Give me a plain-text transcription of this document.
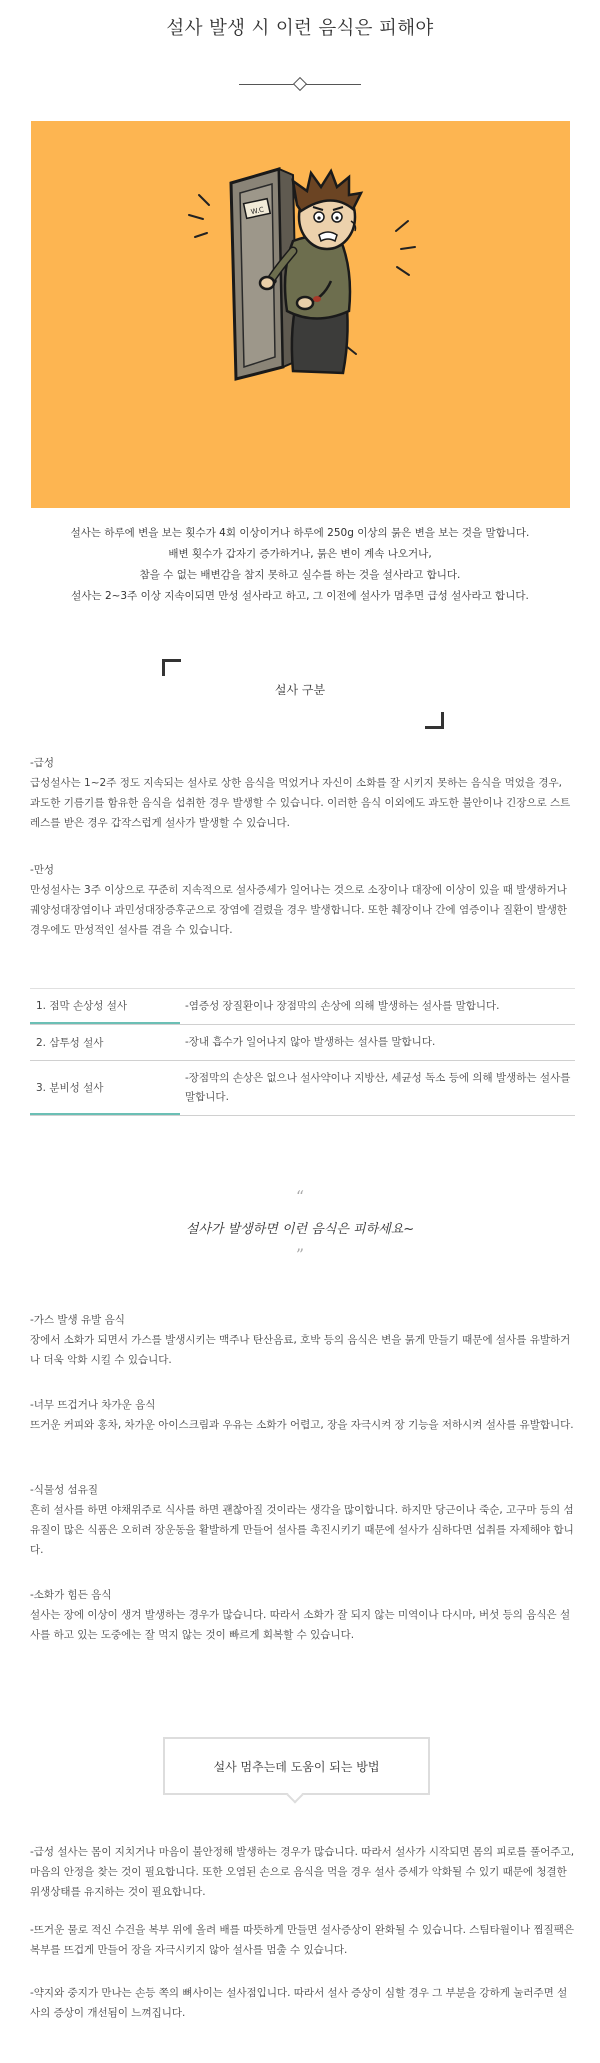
설사 발생 시 이런 음식은 피해야
W.C

설사는 하루에 변을 보는 횟수가 4회 이상이거나 하루에 250g 이상의 묽은 변을 보는 것을 말합니다.

배변 횟수가 갑자기 증가하거나, 묽은 변이 계속 나오거나,

참을 수 없는 배변감을 참지 못하고 실수를 하는 것을 설사라고 합니다.

설사는 2~3주 이상 지속이되면 만성 설사라고 하고, 그 이전에 설사가 멈추면 급성 설사라고 합니다.

설사 구분

-급성

급성설사는 1~2주 정도 지속되는 설사로 상한 음식을 먹었거나 자신이 소화를 잘 시키지 못하는 음식을 먹었을 경우, 과도한 기름기를 함유한 음식을 섭취한 경우 발생할 수 있습니다. 이러한 음식 이외에도 과도한 불안이나 긴장으로 스트레스를 받은 경우 갑작스럽게 설사가 발생할 수 있습니다.

-만성

만성설사는 3주 이상으로 꾸준히 지속적으로 설사증세가 일어나는 것으로 소장이나 대장에 이상이 있을 때 발생하거나 궤양성대장염이나 과민성대장증후군으로 장염에 걸렸을 경우 발생합니다. 또한 췌장이나 간에 염증이나 질환이 발생한 경우에도 만성적인 설사를 겪을 수 있습니다.

1. 점막 손상성 설사	-염증성 장질환이나 장점막의 손상에 의해 발생하는 설사를 말합니다.
2. 삼투성 설사	-장내 흡수가 일어나지 않아 발생하는 설사를 말합니다.
3. 분비성 설사
-장점막의 손상은 없으나 설사약이나 지방산, 세균성 독소 등에 의해 발생하는 설사를 말합니다.
“
설사가 발생하면 이런 음식은 피하세요~
”

-가스 발생 유발 음식

장에서 소화가 되면서 가스를 발생시키는 맥주나 탄산음료, 호박 등의 음식은 변을 묽게 만들기 때문에 설사를 유발하거나 더욱 악화 시킬 수 있습니다.

-너무 뜨겁거나 차가운 음식

뜨거운 커피와 홍차, 차가운 아이스크림과 우유는 소화가 어렵고, 장을 자극시켜 장 기능을 저하시켜 설사를 유발합니다.

-식물성 섬유질

흔히 설사를 하면 야채위주로 식사를 하면 괜찮아질 것이라는 생각을 많이합니다. 하지만 당근이나 죽순, 고구마 등의 섬유질이 많은 식품은 오히려 장운동을 활발하게 만들어 설사를 촉진시키기 때문에 설사가 심하다면 섭취를 자제해야 합니다.

-소화가 힘든 음식

설사는 장에 이상이 생겨 발생하는 경우가 많습니다. 따라서 소화가 잘 되지 않는 미역이나 다시마, 버섯 등의 음식은 설사를 하고 있는 도중에는 잘 먹지 않는 것이 빠르게 회복할 수 있습니다.

설사 멈추는데 도움이 되는 방법

-급성 설사는 몸이 지치거나 마음이 불안정해 발생하는 경우가 많습니다. 따라서 설사가 시작되면 몸의 피로를 풀어주고, 마음의 안정을 찾는 것이 필요합니다. 또한 오염된 손으로 음식을 먹을 경우 설사 증세가 악화될 수 있기 때문에 청결한 위생상태를 유지하는 것이 필요합니다.

-뜨거운 물로 적신 수건을 복부 위에 올려 배를 따뜻하게 만들면 설사증상이 완화될 수 있습니다. 스팀타월이나 찜질팩은 복부를 뜨겁게 만들어 장을 자극시키지 않아 설사를 멈출 수 있습니다.

-약지와 중지가 만나는 손등 쪽의 뼈사이는 설사점입니다. 따라서 설사 증상이 심할 경우 그 부분을 강하게 눌러주면 설사의 증상이 개선됨이 느껴집니다.
